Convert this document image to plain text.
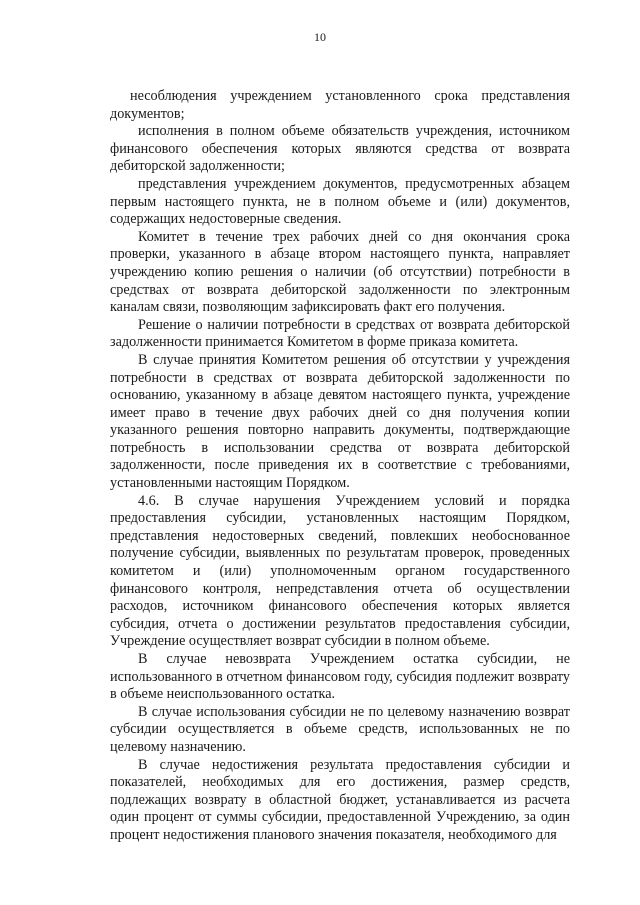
10

несоблюдения учреждением установленного срока представления документов;

исполнения в полном объеме обязательств учреждения, источником финансового обеспечения которых являются средства от возврата дебиторской задолженности;

представления учреждением документов, предусмотренных абзацем первым настоящего пункта, не в полном объеме и (или) документов, содержащих недостоверные сведения.

Комитет в течение трех рабочих дней со дня окончания срока проверки, указанного в абзаце втором настоящего пункта, направляет учреждению копию решения о наличии (об отсутствии) потребности в средствах от возврата дебиторской задолженности по электронным каналам связи, позволяющим зафиксировать факт его получения.

Решение о наличии потребности в средствах от возврата дебиторской задолженности принимается Комитетом в форме приказа комитета.

В случае принятия Комитетом решения об отсутствии у учреждения потребности в средствах от возврата дебиторской задолженности по основанию, указанному в абзаце девятом настоящего пункта, учреждение имеет право в течение двух рабочих дней со дня получения копии указанного решения повторно направить документы, подтверждающие потребность в использовании средства от возврата дебиторской задолженности, после приведения их в соответствие с требованиями, установленными настоящим Порядком.

4.6. В случае нарушения Учреждением условий и порядка предоставления субсидии, установленных настоящим Порядком, представления недостоверных сведений, повлекших необоснованное получение субсидии, выявленных по результатам проверок, проведенных комитетом и (или) уполномоченным органом государственного финансового контроля, непредставления отчета об осуществлении расходов, источником финансового обеспечения которых является субсидия, отчета о достижении результатов предоставления субсидии, Учреждение осуществляет возврат субсидии в полном объеме.

В случае невозврата Учреждением остатка субсидии, не использованного в отчетном финансовом году, субсидия подлежит возврату в объеме неиспользованного остатка.

В случае использования субсидии не по целевому назначению возврат субсидии осуществляется в объеме средств, использованных не по целевому назначению.

В случае недостижения результата предоставления субсидии и показателей, необходимых для его достижения, размер средств, подлежащих возврату в областной бюджет, устанавливается из расчета один процент от суммы субсидии, предоставленной Учреждению, за один процент недостижения планового значения показателя, необходимого для
